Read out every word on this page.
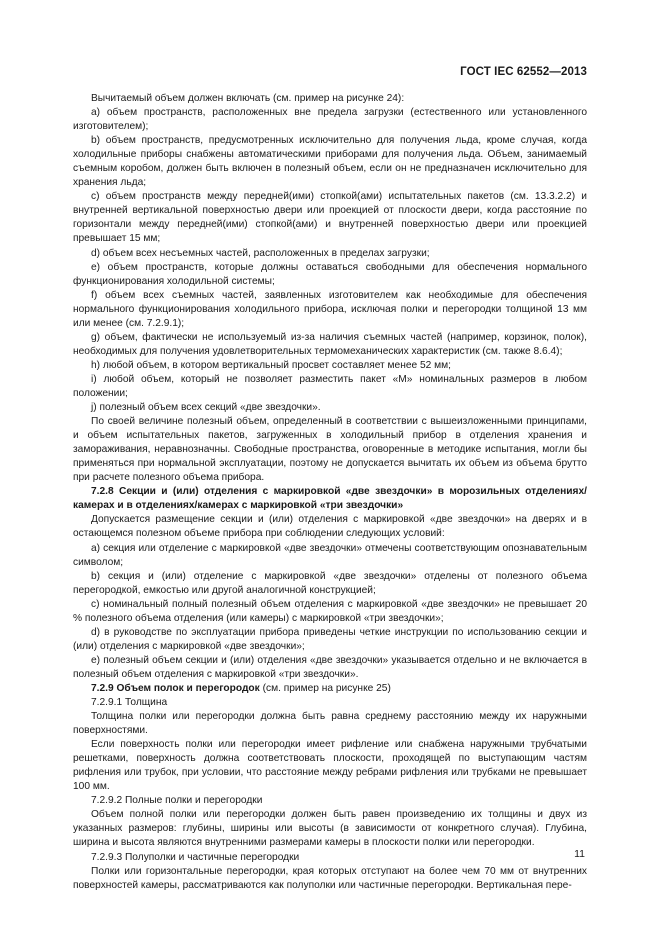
ГОСТ IEC 62552—2013

Вычитаемый объем должен включать (см. пример на рисунке 24):

a) объем пространств, расположенных вне предела загрузки (естественного или установленного изготовителем);

b) объем пространств, предусмотренных исключительно для получения льда, кроме случая, когда холодильные приборы снабжены автоматическими приборами для получения льда. Объем, занимаемый съемным коробом, должен быть включен в полезный объем, если он не предназначен исключительно для хранения льда;

c) объем пространств между передней(ими) стопкой(ами) испытательных пакетов (см. 13.3.2.2) и внутренней вертикальной поверхностью двери или проекцией от плоскости двери, когда расстояние по горизонтали между передней(ими) стопкой(ами) и внутренней поверхностью двери или проекцией превышает 15 мм;

d) объем всех несъемных частей, расположенных в пределах загрузки;

e) объем пространств, которые должны оставаться свободными для обеспечения нормального функционирования холодильной системы;

f) объем всех съемных частей, заявленных изготовителем как необходимые для обеспечения нормального функционирования холодильного прибора, исключая полки и перегородки толщиной 13 мм или менее (см. 7.2.9.1);

g) объем, фактически не используемый из-за наличия съемных частей (например, корзинок, полок), необходимых для получения удовлетворительных термомеханических характеристик (см. также 8.6.4);

h) любой объем, в котором вертикальный просвет составляет менее 52 мм;

i) любой объем, который не позволяет разместить пакет «М» номинальных размеров в любом положении;

j) полезный объем всех секций «две звездочки».

По своей величине полезный объем, определенный в соответствии с вышеизложенными принципами, и объем испытательных пакетов, загруженных в холодильный прибор в отделения хранения и замораживания, неравнозначны. Свободные пространства, оговоренные в методике испытания, могли бы применяться при нормальной эксплуатации, поэтому не допускается вычитать их объем из объема брутто при расчете полезного объема прибора.

7.2.8 Секции и (или) отделения с маркировкой «две звездочки» в морозильных отделениях/камерах и в отделениях/камерах с маркировкой «три звездочки»

Допускается размещение секции и (или) отделения с маркировкой «две звездочки» на дверях и в остающемся полезном объеме прибора при соблюдении следующих условий:

a) секция или отделение с маркировкой «две звездочки» отмечены соответствующим опознавательным символом;

b) секция и (или) отделение с маркировкой «две звездочки» отделены от полезного объема перегородкой, емкостью или другой аналогичной конструкцией;

c) номинальный полный полезный объем отделения с маркировкой «две звездочки» не превышает 20 % полезного объема отделения (или камеры) с маркировкой «три звездочки»;

d) в руководстве по эксплуатации прибора приведены четкие инструкции по использованию секции и (или) отделения с маркировкой «две звездочки»;

e) полезный объем секции и (или) отделения «две звездочки» указывается отдельно и не включается в полезный объем отделения с маркировкой «три звездочки».

7.2.9 Объем полок и перегородок (см. пример на рисунке 25)

7.2.9.1 Толщина

Толщина полки или перегородки должна быть равна среднему расстоянию между их наружными поверхностями.

Если поверхность полки или перегородки имеет рифление или снабжена наружными трубчатыми решетками, поверхность должна соответствовать плоскости, проходящей по выступающим частям рифления или трубок, при условии, что расстояние между ребрами рифления или трубками не превышает 100 мм.

7.2.9.2 Полные полки и перегородки

Объем полной полки или перегородки должен быть равен произведению их толщины и двух из указанных размеров: глубины, ширины или высоты (в зависимости от конкретного случая). Глубина, ширина и высота являются внутренними размерами камеры в плоскости полки или перегородки.

7.2.9.3 Полуполки и частичные перегородки

Полки или горизонтальные перегородки, края которых отступают на более чем 70 мм от внутренних поверхностей камеры, рассматриваются как полуполки или частичные перегородки. Вертикальная пере-

11
